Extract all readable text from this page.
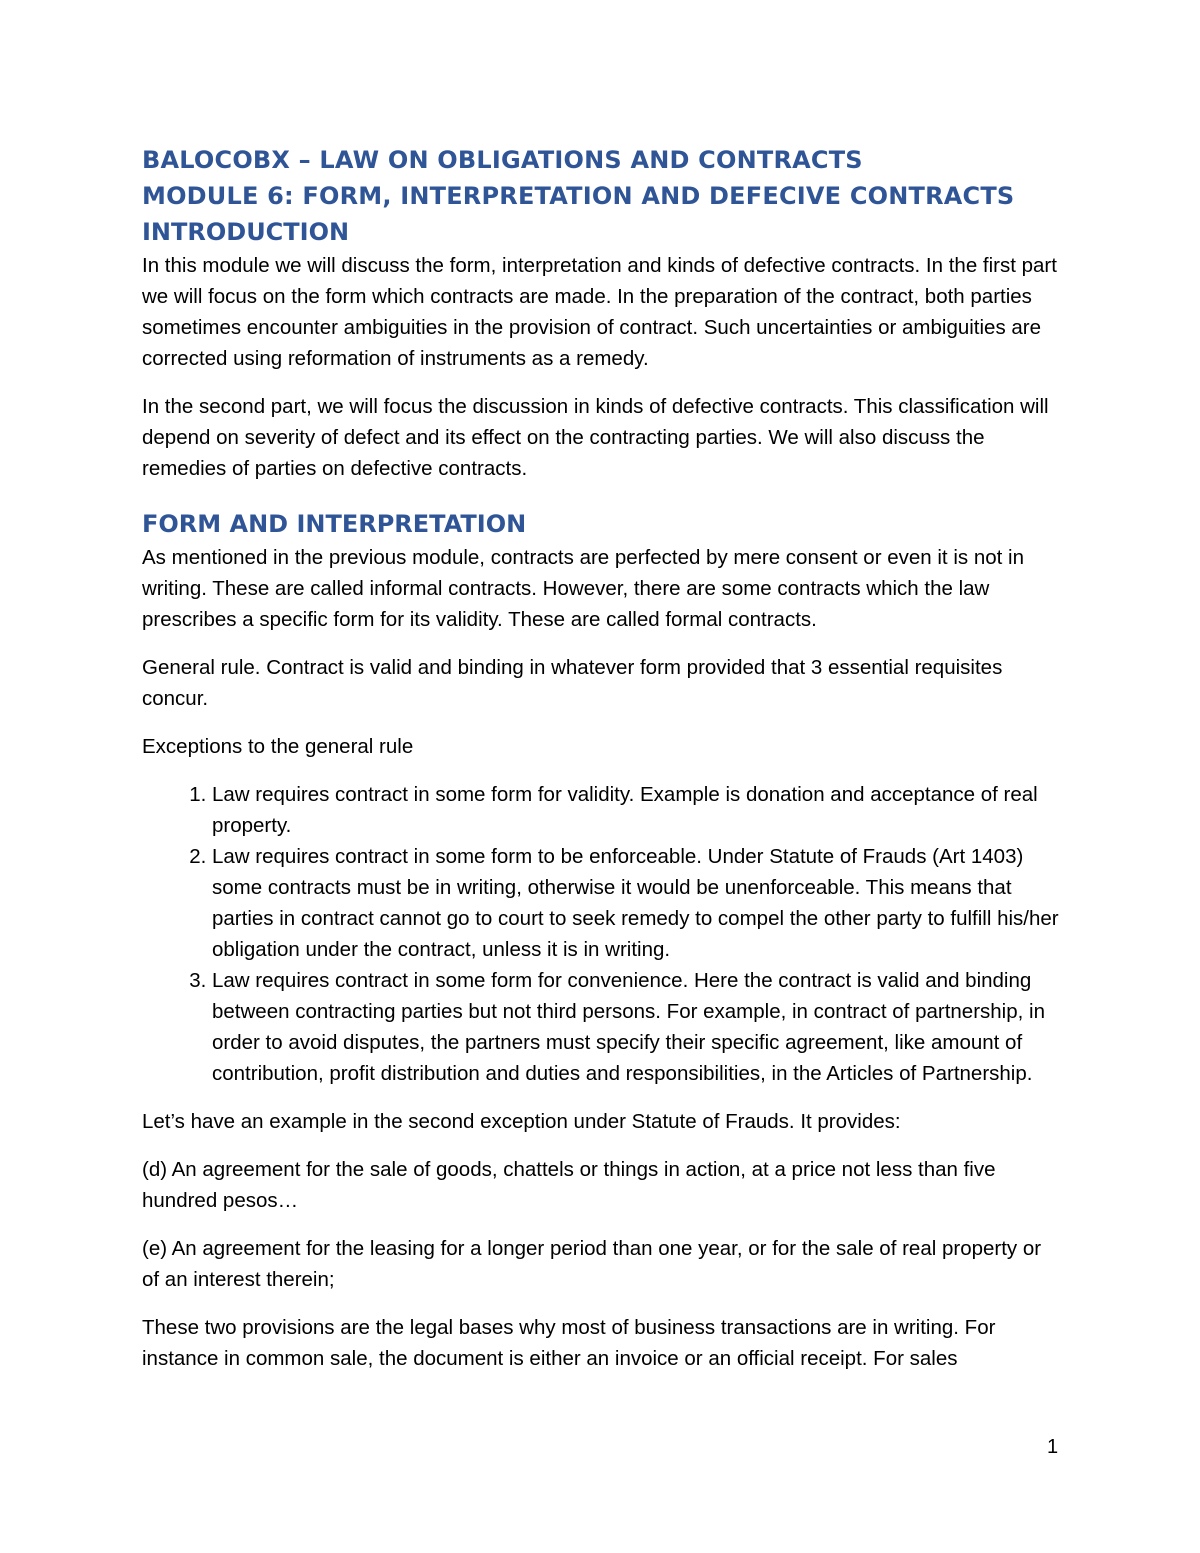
BALOCOBX – LAW ON OBLIGATIONS AND CONTRACTS
MODULE 6: FORM, INTERPRETATION AND DEFECIVE CONTRACTS
INTRODUCTION

In this module we will discuss the form, interpretation and kinds of defective contracts. In the first part we will focus on the form which contracts are made. In the preparation of the contract, both parties sometimes encounter ambiguities in the provision of contract. Such uncertainties or ambiguities are corrected using reformation of instruments as a remedy.

In the second part, we will focus the discussion in kinds of defective contracts. This classification will depend on severity of defect and its effect on the contracting parties. We will also discuss the remedies of parties on defective contracts.

FORM AND INTERPRETATION

As mentioned in the previous module, contracts are perfected by mere consent or even it is not in writing. These are called informal contracts. However, there are some contracts which the law prescribes a specific form for its validity. These are called formal contracts.

General rule. Contract is valid and binding in whatever form provided that 3 essential requisites concur.

Exceptions to the general rule

1. Law requires contract in some form for validity. Example is donation and acceptance of real property.
2. Law requires contract in some form to be enforceable. Under Statute of Frauds (Art 1403) some contracts must be in writing, otherwise it would be unenforceable. This means that parties in contract cannot go to court to seek remedy to compel the other party to fulfill his/her obligation under the contract, unless it is in writing.
3. Law requires contract in some form for convenience. Here the contract is valid and binding between contracting parties but not third persons. For example, in contract of partnership, in order to avoid disputes, the partners must specify their specific agreement, like amount of contribution, profit distribution and duties and responsibilities, in the Articles of Partnership.

Let’s have an example in the second exception under Statute of Frauds. It provides:

(d) An agreement for the sale of goods, chattels or things in action, at a price not less than five hundred pesos…

(e) An agreement for the leasing for a longer period than one year, or for the sale of real property or of an interest therein;

These two provisions are the legal bases why most of business transactions are in writing. For instance in common sale, the document is either an invoice or an official receipt. For sales

1
